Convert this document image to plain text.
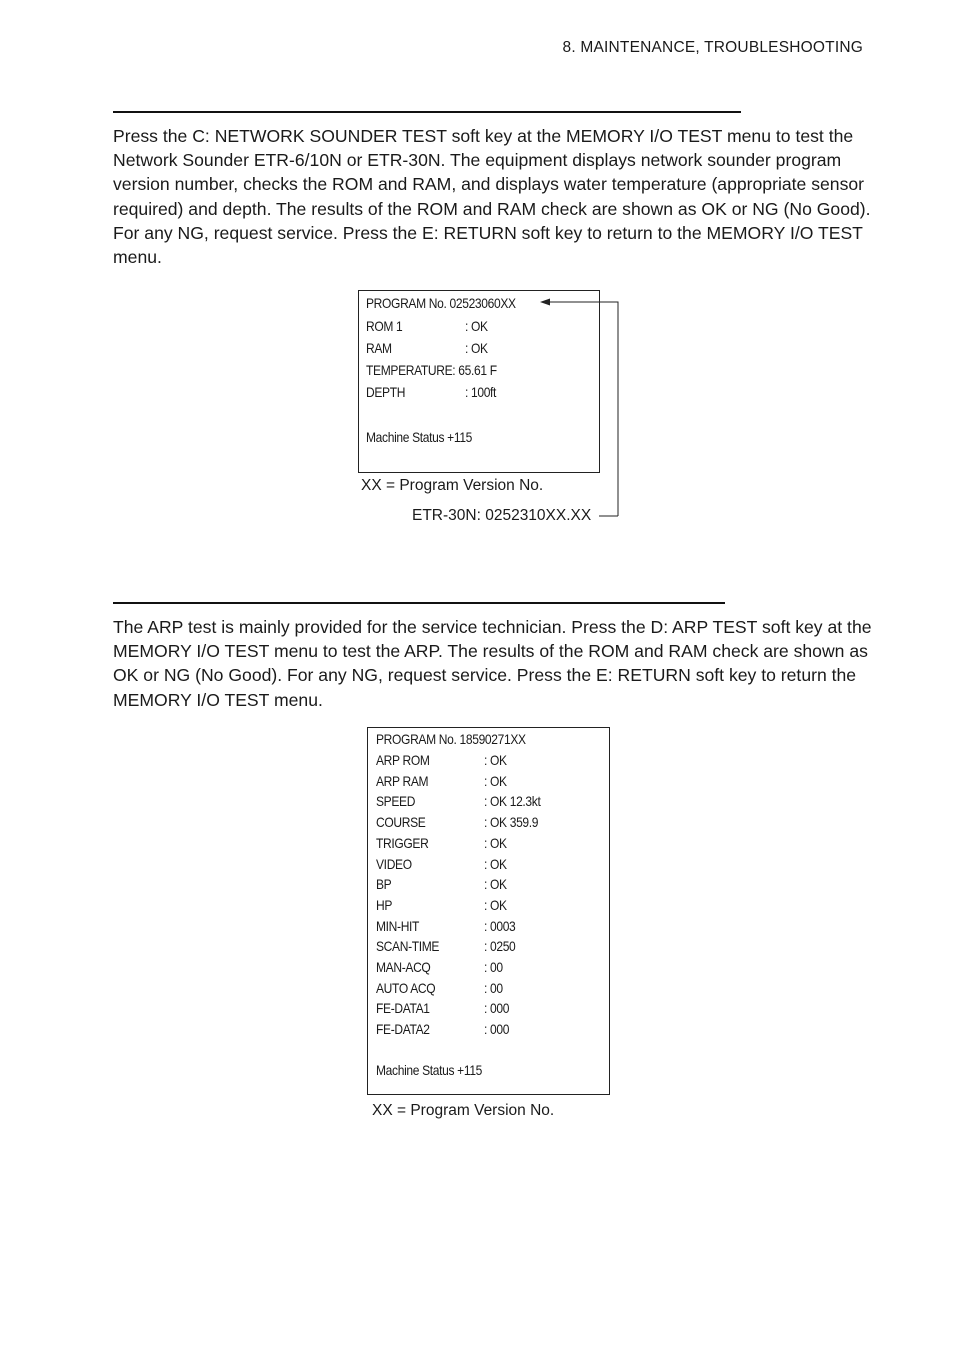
8. MAINTENANCE, TROUBLESHOOTING

Press the C: NETWORK SOUNDER TEST soft key at the MEMORY I/O TEST menu to test the Network Sounder ETR-6/10N or ETR-30N. The equipment displays network sounder program version number, checks the ROM and RAM, and displays water temperature (appropriate sensor required) and depth. The results of the ROM and RAM check are shown as OK or NG (No Good). For any NG, request service. Press the E: RETURN soft key to return to the MEMORY I/O TEST menu.

PROGRAM No. 02523060XX
ROM 1	: OK
RAM	: OK
TEMPERATURE: 65.61 F
DEPTH	: 100ft
Machine Status +115
XX = Program Version No.
ETR-30N: 0252310XX.XX

The ARP test is mainly provided for the service technician. Press the D: ARP TEST soft key at the MEMORY I/O TEST menu to test the ARP. The results of the ROM and RAM check are shown as OK or NG (No Good). For any NG, request service. Press the E: RETURN soft key to return the MEMORY I/O TEST menu.

PROGRAM No. 18590271XX
ARP ROM	: OK
ARP RAM	: OK
SPEED	: OK 12.3kt
COURSE	: OK 359.9
TRIGGER	: OK
VIDEO	: OK
BP	: OK
HP	: OK
MIN-HIT	: 0003
SCAN-TIME	: 0250
MAN-ACQ	: 00
AUTO ACQ	: 00
FE-DATA1	: 000
FE-DATA2	: 000
Machine Status +115
XX = Program Version No.
